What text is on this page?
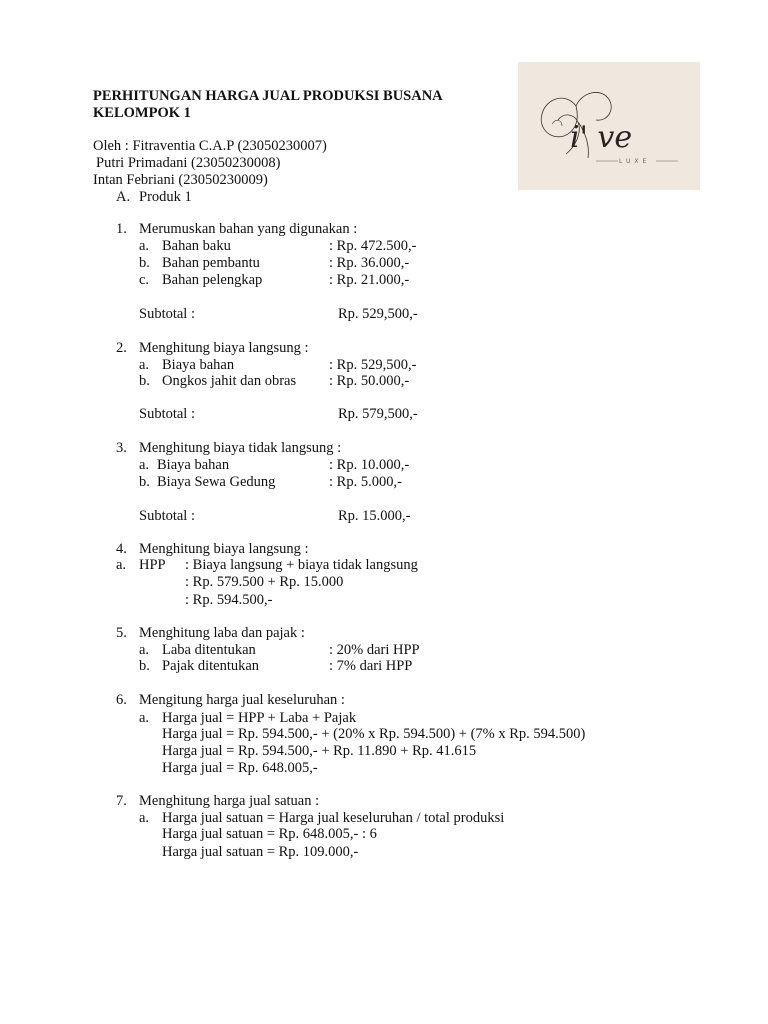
PERHITUNGAN HARGA JUAL PRODUKSI BUSANA
KELOMPOK 1
i' ve
LUXE
Oleh : Fitraventia C.A.P (23050230007)
Putri Primadani (23050230008)
Intan Febriani (23050230009)
A. Produk 1
1. Merumuskan bahan yang digunakan :
a. Bahan baku	: Rp. 472.500,-
b. Bahan pembantu	: Rp. 36.000,-
c. Bahan pelengkap	: Rp. 21.000,-
Subtotal :	Rp. 529,500,-
2. Menghitung biaya langsung :
a. Biaya bahan	: Rp. 529,500,-
b. Ongkos jahit dan obras : Rp. 50.000,-
Subtotal :	Rp. 579,500,-
3. Menghitung biaya tidak langsung :
a. Biaya bahan	: Rp. 10.000,-
b. Biaya Sewa Gedung	: Rp. 5.000,-
Subtotal :	Rp. 15.000,-
4. Menghitung biaya langsung :
a. HPP : Biaya langsung + biaya tidak langsung
: Rp. 579.500 + Rp. 15.000
: Rp. 594.500,-
5. Menghitung laba dan pajak :
a. Laba ditentukan	: 20% dari HPP
b. Pajak ditentukan	: 7% dari HPP
6. Mengitung harga jual keseluruhan :
a. Harga jual = HPP + Laba + Pajak
Harga jual = Rp. 594.500,- + (20% x Rp. 594.500) + (7% x Rp. 594.500)
Harga jual = Rp. 594.500,- + Rp. 11.890 + Rp. 41.615
Harga jual = Rp. 648.005,-
7. Menghitung harga jual satuan :
a. Harga jual satuan = Harga jual keseluruhan / total produksi
Harga jual satuan = Rp. 648.005,- : 6
Harga jual satuan = Rp. 109.000,-
